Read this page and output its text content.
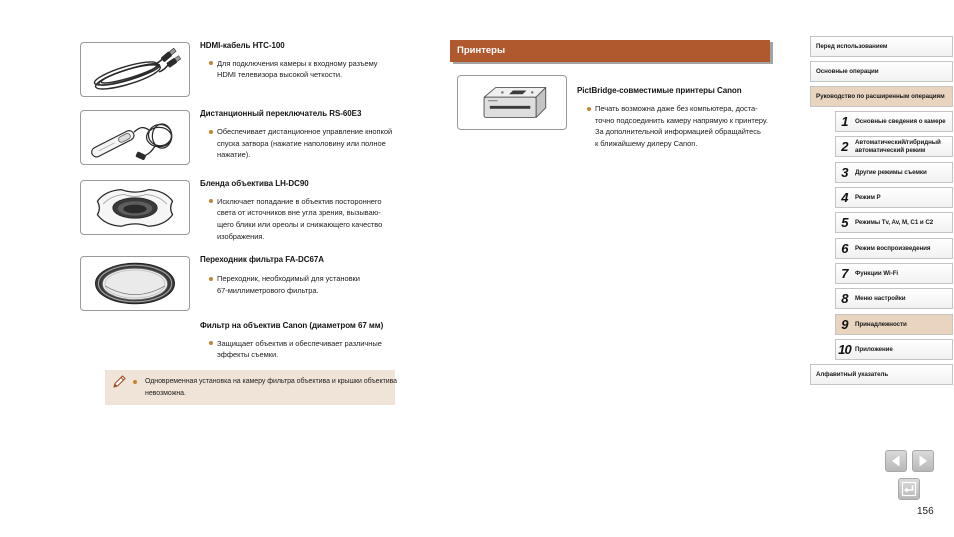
HDMI-кабель HTC-100
Для подключения камеры к входному разъему
HDMI телевизора высокой четкости.
Дистанционный переключатель RS-60E3
Обеспечивает дистанционное управление кнопкой
спуска затвора (нажатие наполовину или полное
нажатие).
Бленда объектива LH-DC90
Исключает попадание в объектив постороннего
света от источников вне угла зрения, вызываю-
щего блики или ореолы и снижающего качество
изображения.
Переходник фильтра FA-DC67A
Переходник, необходимый для установки
67-миллиметрового фильтра.
Фильтр на объектив Canon (диаметром 67 мм)
Защищает объектив и обеспечивает различные
эффекты съемки.
Одновременная установка на камеру фильтра объектива и крышки объектива
невозможна.
Принтеры
PictBridge-совместимые принтеры Canon
Печать возможна даже без компьютера, доста-
точно подсоединить камеру напрямую к принтеру.
За дополнительной информацией обращайтесь
к ближайшему дилеру Canon.
Перед использованием
Основные операции
Руководство по расширенным операциям
1	Основные сведения о камере
2	Автоматический/гибридный автоматический режим
3	Другие режимы съемки
4	Режим P
5	Режимы Tv, Av, M, C1 и C2
6	Режим воспроизведения
7	Функции Wi-Fi
8	Меню настройки
9	Принадлежности
10 Приложение
Алфавитный указатель
156
